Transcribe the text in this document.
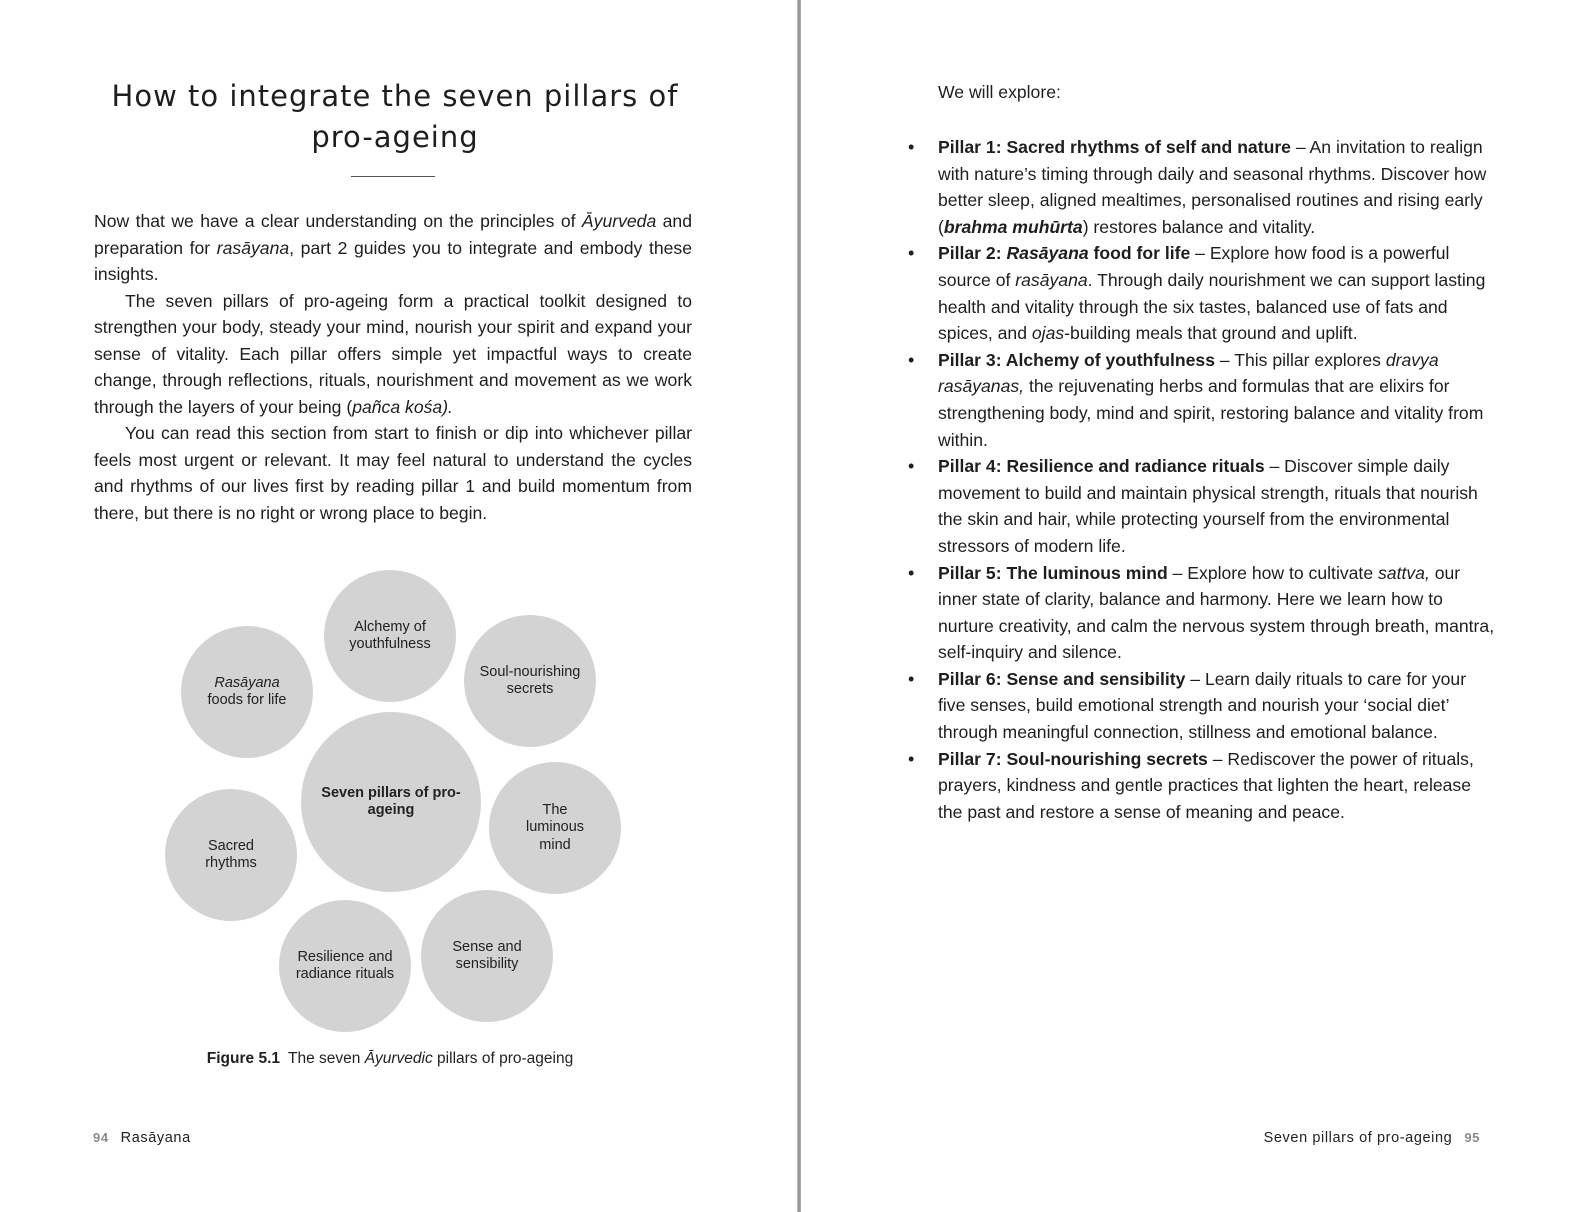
How to integrate the seven pillars of
pro-ageing

Now that we have a clear understanding on the principles of Āyurveda and preparation for rasāyana, part 2 guides you to integrate and embody these insights.

The seven pillars of pro-ageing form a practical toolkit designed to strengthen your body, steady your mind, nourish your spirit and expand your sense of vitality. Each pillar offers simple yet impactful ways to create change, through reflections, rituals, nourishment and movement as we work through the layers of your being (pañca kośa).

You can read this section from start to finish or dip into whichever pillar feels most urgent or relevant. It may feel natural to understand the cycles and rhythms of our lives first by reading pillar 1 and build momentum from there, but there is no right or wrong place to begin.

Alchemy of youthfulness
Soul-nourishing secrets
Rasāyana
foods for life
Seven pillars of pro-ageing	The luminous mind
Sacred rhythms
Sense and sensibility
Resilience and radiance rituals
Figure 5.1 The seven Āyurvedic pillars of pro-ageing
94 Rasāyana
We will explore:
• Pillar 1: Sacred rhythms of self and nature – An invitation to realign with nature’s timing through daily and seasonal rhythms. Discover how better sleep, aligned mealtimes, personalised routines and rising early (brahma muhūrta) restores balance and vitality.
• Pillar 2: Rasāyana food for life – Explore how food is a powerful source of rasāyana. Through daily nourishment we can support lasting health and vitality through the six tastes, balanced use of fats and spices, and ojas-building meals that ground and uplift.
• Pillar 3: Alchemy of youthfulness – This pillar explores dravya rasāyanas, the rejuvenating herbs and formulas that are elixirs for strengthening body, mind and spirit, restoring balance and vitality from within.
• Pillar 4: Resilience and radiance rituals – Discover simple daily movement to build and maintain physical strength, rituals that nourish the skin and hair, while protecting yourself from the environmental stressors of modern life.
• Pillar 5: The luminous mind – Explore how to cultivate sattva, our inner state of clarity, balance and harmony. Here we learn how to nurture creativity, and calm the nervous system through breath, mantra, self-inquiry and silence.
• Pillar 6: Sense and sensibility – Learn daily rituals to care for your five senses, build emotional strength and nourish your ‘social diet’ through meaningful connection, stillness and emotional balance.
• Pillar 7: Soul-nourishing secrets – Rediscover the power of rituals, prayers, kindness and gentle practices that lighten the heart, release the past and restore a sense of meaning and peace.
Seven pillars of pro-ageing 95
